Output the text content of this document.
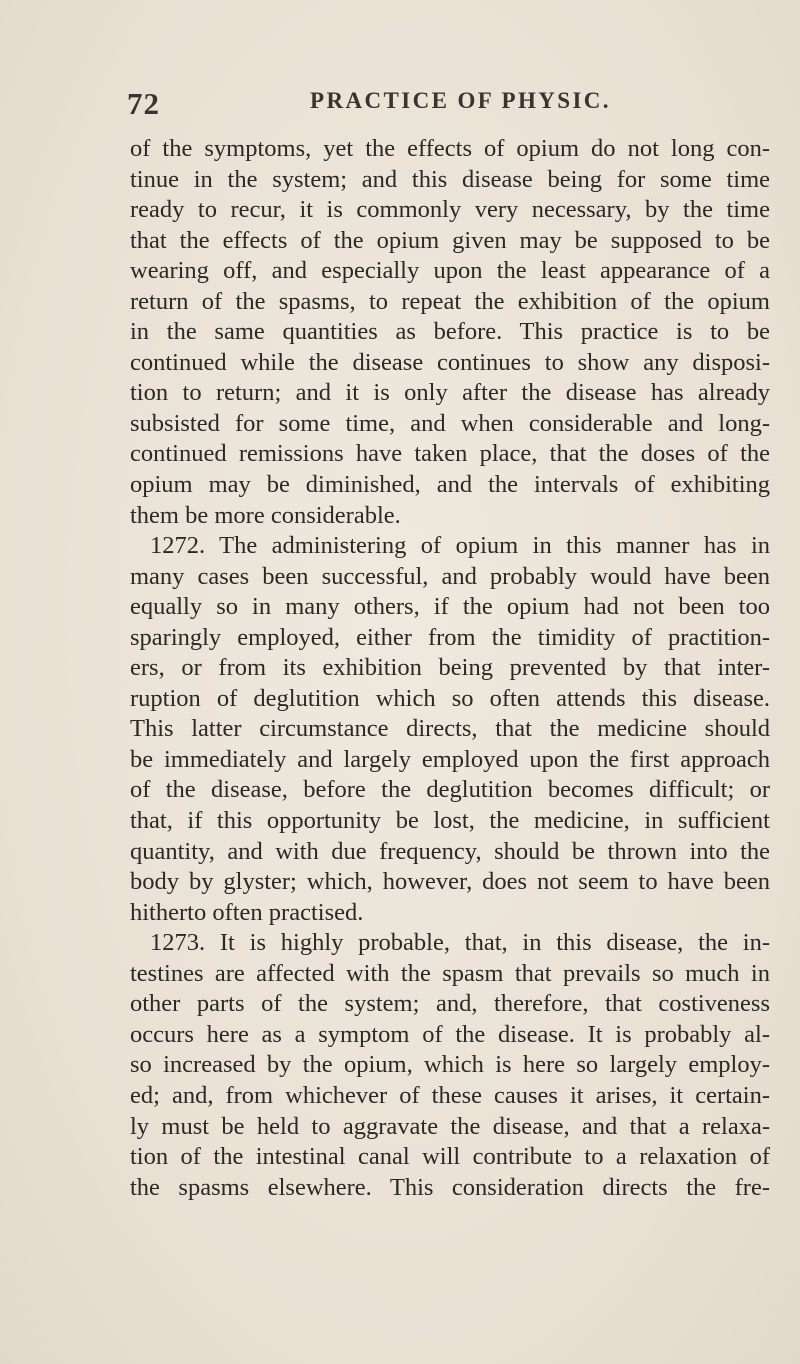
72	PRACTICE OF PHYSIC.
of the symptoms, yet the effects of opium do not long con-
tinue in the system; and this disease being for some time
ready to recur, it is commonly very necessary, by the time
that the effects of the opium given may be supposed to be
wearing off, and especially upon the least appearance of a
return of the spasms, to repeat the exhibition of the opium
in the same quantities as before. This practice is to be
continued while the disease continues to show any disposi-
tion to return; and it is only after the disease has already
subsisted for some time, and when considerable and long-
continued remissions have taken place, that the doses of the
opium may be diminished, and the intervals of exhibiting
them be more considerable.
1272. The administering of opium in this manner has in
many cases been successful, and probably would have been
equally so in many others, if the opium had not been too
sparingly employed, either from the timidity of practition-
ers, or from its exhibition being prevented by that inter-
ruption of deglutition which so often attends this disease.
This latter circumstance directs, that the medicine should
be immediately and largely employed upon the first approach
of the disease, before the deglutition becomes difficult; or
that, if this opportunity be lost, the medicine, in sufficient
quantity, and with due frequency, should be thrown into the
body by glyster; which, however, does not seem to have been
hitherto often practised.
1273. It is highly probable, that, in this disease, the in-
testines are affected with the spasm that prevails so much in
other parts of the system; and, therefore, that costiveness
occurs here as a symptom of the disease. It is probably al-
so increased by the opium, which is here so largely employ-
ed; and, from whichever of these causes it arises, it certain-
ly must be held to aggravate the disease, and that a relaxa-
tion of the intestinal canal will contribute to a relaxation of
the spasms elsewhere. This consideration directs the fre-
